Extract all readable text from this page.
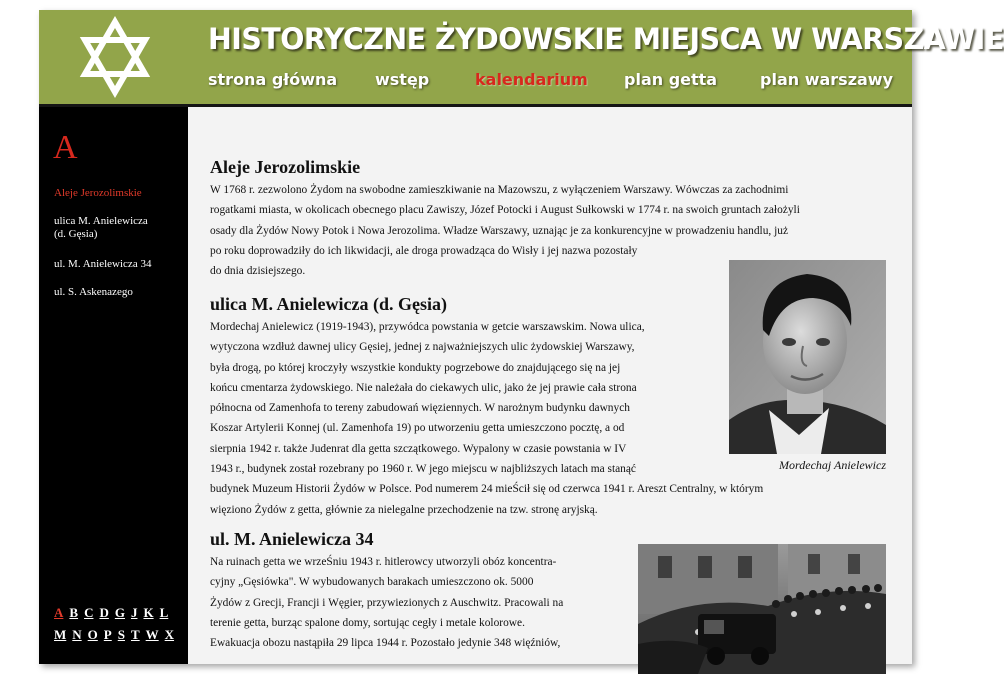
HISTORYCZNE ŻYDOWSKIE MIEJSCA W WARSZAWIE
strona główna wstęp	kalendarium plan getta	plan warszawy
A
Aleje Jerozolimskie
ulica M. Anielewicza
(d. Gęsia)
ul. M. Anielewicza 34
ul. S. Askenazego
A B C D G J K L
M N O P S T W X
Aleje Jerozolimskie
W 1768 r. zezwolono Żydom na swobodne zamieszkiwanie na Mazowszu, z wyłączeniem Warszawy. Wówczas za zachodnimi
rogatkami miasta, w okolicach obecnego placu Zawiszy, Józef Potocki i August Sułkowski w 1774 r. na swoich gruntach założyli
osady dla Żydów Nowy Potok i Nowa Jerozolima. Władze Warszawy, uznając je za konkurencyjne w prowadzeniu handlu, już
po roku doprowadziły do ich likwidacji, ale droga prowadząca do Wisły i jej nazwa pozostały
do dnia dzisiejszego.
Mordechaj Anielewicz
ulica M. Anielewicza (d. Gęsia)
Mordechaj Anielewicz (1919-1943), przywódca powstania w getcie warszawskim. Nowa ulica,
wytyczona wzdłuż dawnej ulicy Gęsiej, jednej z najważniejszych ulic żydowskiej Warszawy,
była drogą, po której kroczyły wszystkie kondukty pogrzebowe do znajdującego się na jej
końcu cmentarza żydowskiego. Nie należała do ciekawych ulic, jako że jej prawie cała strona
północna od Zamenhofa to tereny zabudowań więziennych. W narożnym budynku dawnych
Koszar Artylerii Konnej (ul. Zamenhofa 19) po utworzeniu getta umieszczono pocztę, a od
sierpnia 1942 r. także Judenrat dla getta szczątkowego. Wypalony w czasie powstania w IV
1943 r., budynek został rozebrany po 1960 r. W jego miejscu w najbliższych latach ma stanąć
budynek Muzeum Historii Żydów w Polsce. Pod numerem 24 mieŚcił się od czerwca 1941 r. Areszt Centralny, w którym
więziono Żydów z getta, głównie za nielegalne przechodzenie na tzw. stronę aryjską.
ul. M. Anielewicza 34
Na ruinach getta we wrzeŚniu 1943 r. hitlerowcy utworzyli obóz koncentra-
cyjny „Gęsiówka". W wybudowanych barakach umieszczono ok. 5000
Żydów z Grecji, Francji i Węgier, przywiezionych z Auschwitz. Pracowali na
terenie getta, burząc spalone domy, sortując cegły i metale kolorowe.
Ewakuacja obozu nastąpiła 29 lipca 1944 r. Pozostało jedynie 348 więźniów,
